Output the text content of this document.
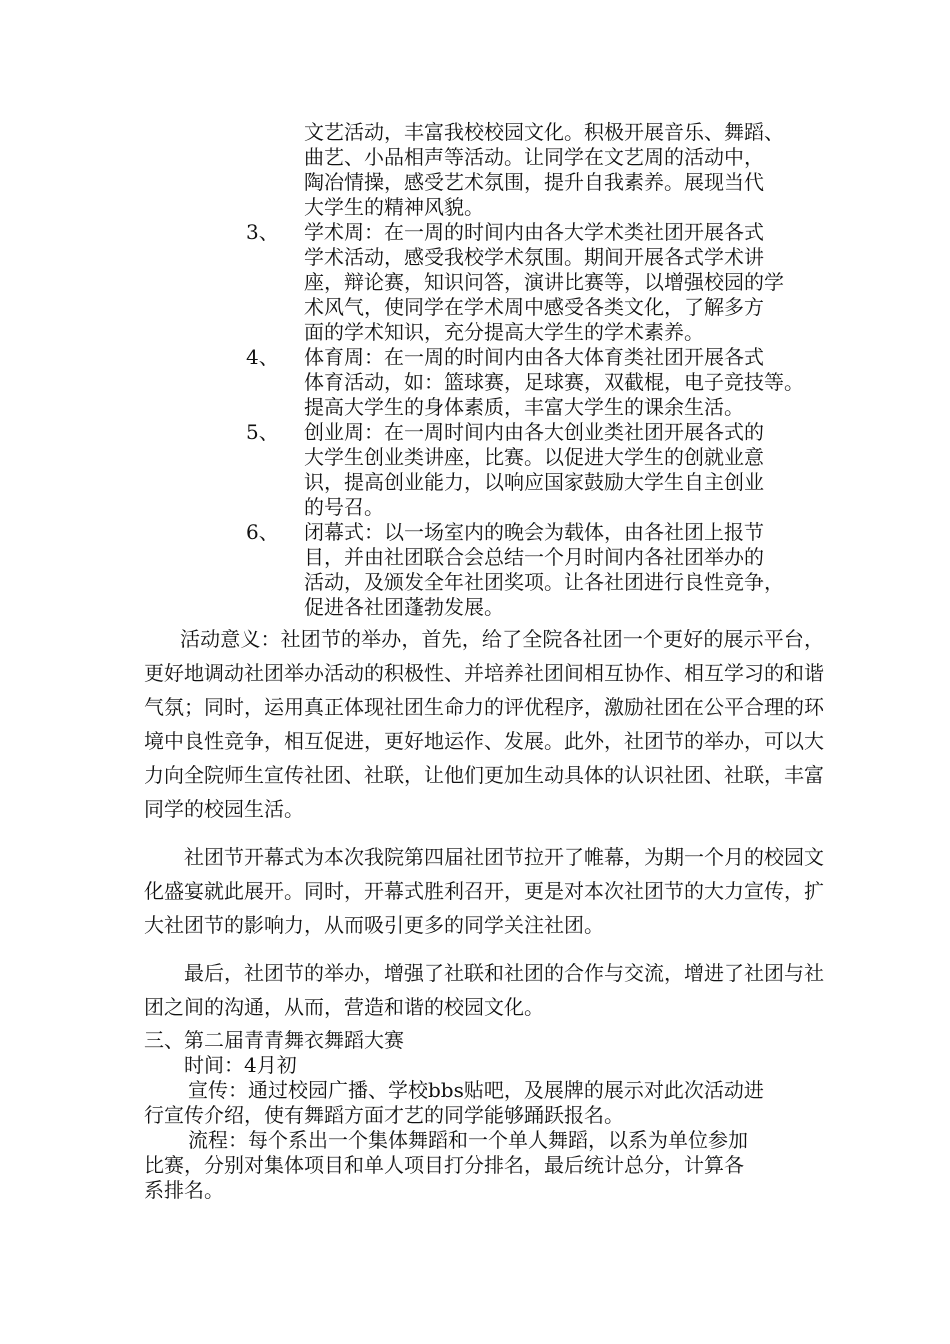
文艺活动，丰富我校校园文化。积极开展音乐、舞蹈、
曲艺、小品相声等活动。让同学在文艺周的活动中，
陶冶情操，感受艺术氛围，提升自我素养。展现当代
大学生的精神风貌。
3、	学术周：在一周的时间内由各大学术类社团开展各式
学术活动，感受我校学术氛围。期间开展各式学术讲
座，辩论赛，知识问答，演讲比赛等，以增强校园的学
术风气，使同学在学术周中感受各类文化，了解多方
面的学术知识，充分提高大学生的学术素养。
4、	体育周：在一周的时间内由各大体育类社团开展各式
体育活动，如：篮球赛，足球赛，双截棍，电子竞技等。
提高大学生的身体素质，丰富大学生的课余生活。
5、	创业周：在一周时间内由各大创业类社团开展各式的
大学生创业类讲座，比赛。以促进大学生的创就业意
识，提高创业能力，以响应国家鼓励大学生自主创业
的号召。
6、	闭幕式：以一场室内的晚会为载体，由各社团上报节
目，并由社团联合会总结一个月时间内各社团举办的
活动，及颁发全年社团奖项。让各社团进行良性竞争，
促进各社团蓬勃发展。

活动意义：社团节的举办，首先，给了全院各社团一个更好的展示平台，更好地调动社团举办活动的积极性、并培养社团间相互协作、相互学习的和谐气氛；同时，运用真正体现社团生命力的评优程序，激励社团在公平合理的环境中良性竞争，相互促进，更好地运作、发展。此外，社团节的举办，可以大力向全院师生宣传社团、社联，让他们更加生动具体的认识社团、社联，丰富同学的校园生活。

社团节开幕式为本次我院第四届社团节拉开了帷幕，为期一个月的校园文化盛宴就此展开。同时，开幕式胜利召开，更是对本次社团节的大力宣传，扩大社团节的影响力，从而吸引更多的同学关注社团。

最后，社团节的举办，增强了社联和社团的合作与交流，增进了社团与社团之间的沟通，从而，营造和谐的校园文化。

三、第二届青青舞衣舞蹈大赛

时间：4月初

宣传：通过校园广播、学校bbs贴吧，及展牌的展示对此次活动进

行宣传介绍，使有舞蹈方面才艺的同学能够踊跃报名。

流程：每个系出一个集体舞蹈和一个单人舞蹈，以系为单位参加

比赛，分别对集体项目和单人项目打分排名，最后统计总分，计算各

系排名。
